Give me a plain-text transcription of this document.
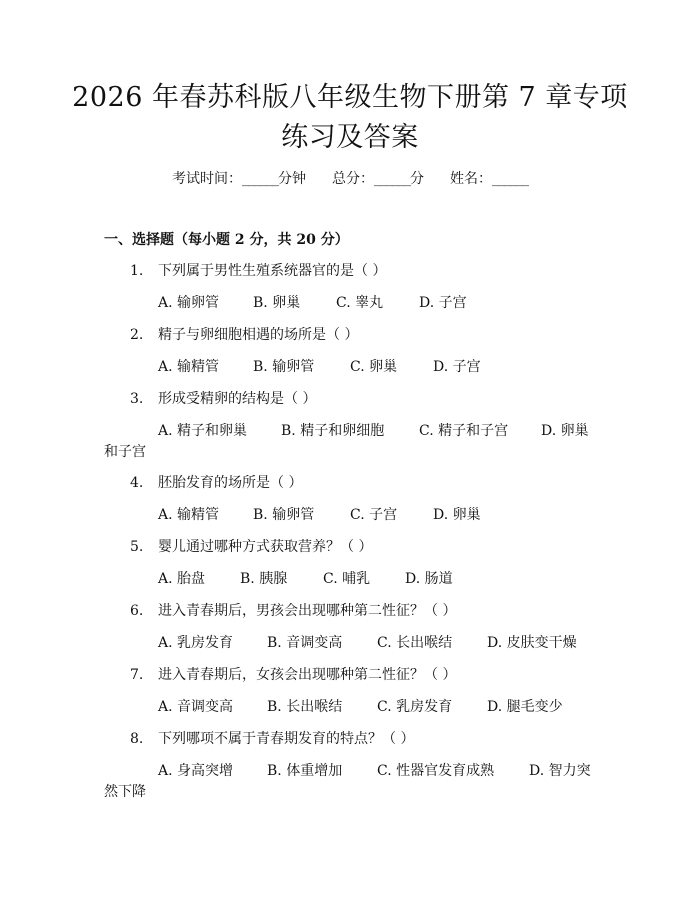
2026 年春苏科版八年级生物下册第 7 章专项
练习及答案
考试时间：______分钟 总分：______分 姓名：______
一、选择题（每小题 2 分，共 20 分）
1. 下列属于男性生殖系统器官的是（ ）
A. 输卵管 B. 卵巢	C. 睾丸	D. 子宫
2. 精子与卵细胞相遇的场所是（ ）
A. 输精管 B. 输卵管	C. 卵巢	D. 子宫
3. 形成受精卵的结构是（ ）
A. 精子和卵巢 B. 精子和卵细胞 C. 精子和子宫 D. 卵巢
和子宫
4. 胚胎发育的场所是（ ）
A. 输精管 B. 输卵管	C. 子宫	D. 卵巢
5. 婴儿通过哪种方式获取营养？（ ）
A. 胎盘 B. 胰腺	C. 哺乳 D. 肠道
6. 进入青春期后，男孩会出现哪种第二性征？（ ）
A. 乳房发育 B. 音调变高 C. 长出喉结 D. 皮肤变干燥
7. 进入青春期后，女孩会出现哪种第二性征？（ ）
A. 音调变高 B. 长出喉结 C. 乳房发育 D. 腿毛变少
8. 下列哪项不属于青春期发育的特点？（ ）
A. 身高突增 B. 体重增加 C. 性器官发育成熟 D. 智力突
然下降
